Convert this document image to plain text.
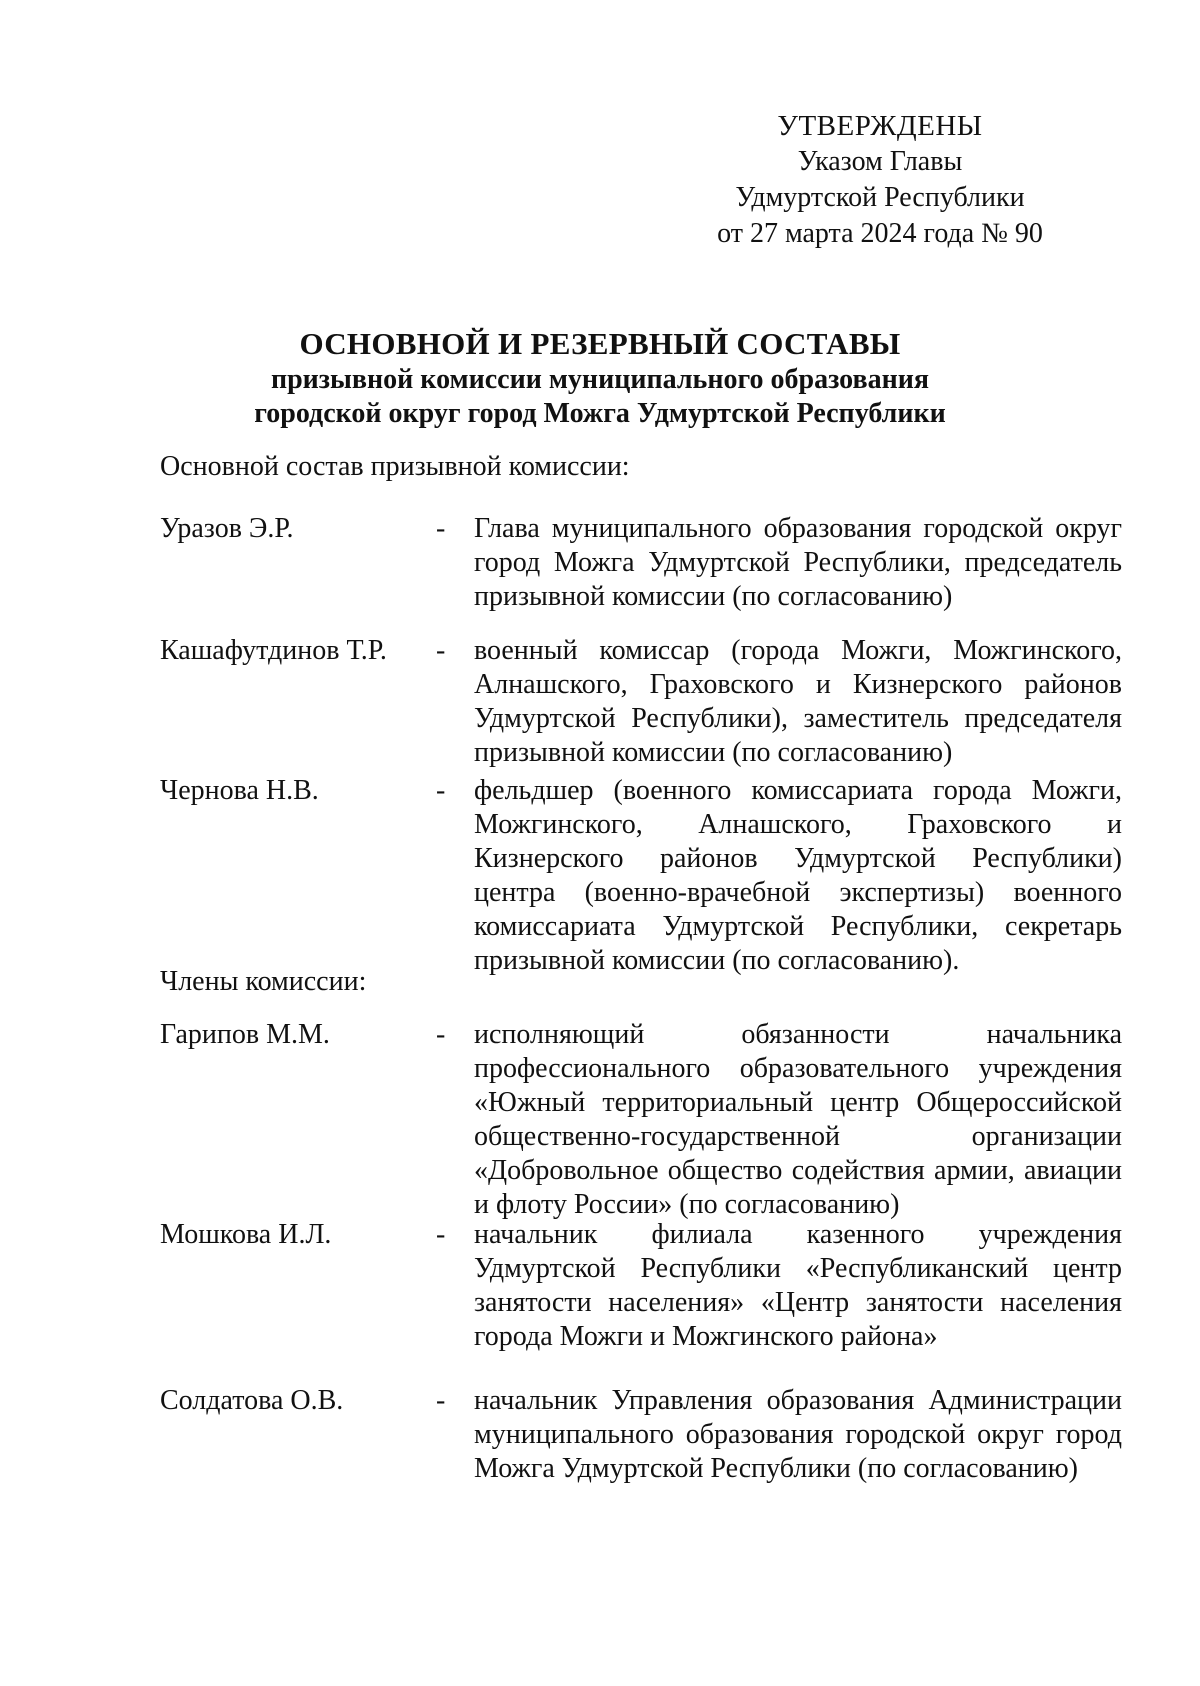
УТВЕРЖДЕНЫ
Указом Главы
Удмуртской Республики
от 27 марта 2024 года № 90
ОСНОВНОЙ И РЕЗЕРВНЫЙ СОСТАВЫ
призывной комиссии муниципального образования
городской округ город Можга Удмуртской Республики
Основной состав призывной комиссии:
Уразов Э.Р.	- Глава муниципального образования городской округ
город Можга Удмуртской Республики, председатель
призывной комиссии (по согласованию)
Кашафутдинов Т.Р. - военный комиссар (города Можги, Можгинского,
Алнашского, Граховского и Кизнерского районов
Удмуртской Республики), заместитель председателя
призывной комиссии (по согласованию)
Чернова Н.В.	- фельдшер (военного комиссариата города Можги,
Можгинского, Алнашского, Граховского и
Кизнерского районов Удмуртской Республики)
центра (военно-врачебной экспертизы) военного
комиссариата Удмуртской Республики, секретарь
призывной комиссии (по согласованию).
Члены комиссии:
Гарипов М.М.	- исполняющий обязанности начальника
профессионального образовательного учреждения
«Южный территориальный центр Общероссийской
общественно-государственной организации
«Добровольное общество содействия армии, авиации
и флоту России» (по согласованию)
Мошкова И.Л.	- начальник филиала казенного учреждения
Удмуртской Республики «Республиканский центр
занятости населения» «Центр занятости населения
города Можги и Можгинского района»
Солдатова О.В.	- начальник Управления образования Администрации
муниципального образования городской округ город
Можга Удмуртской Республики (по согласованию)
